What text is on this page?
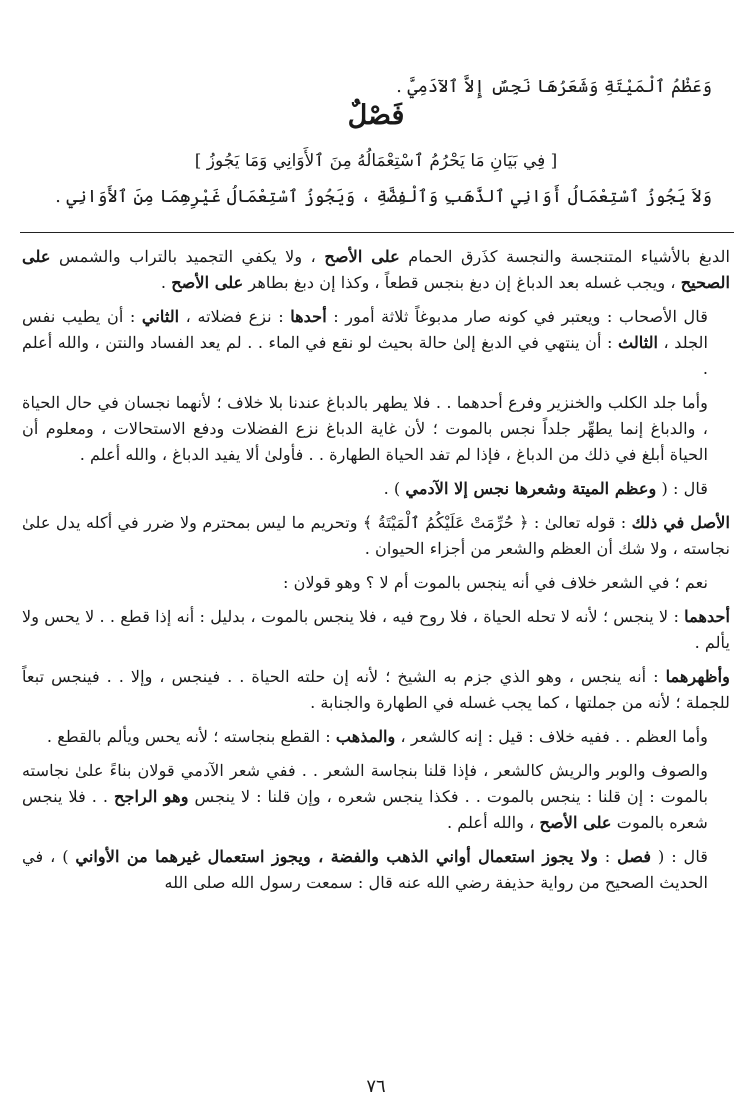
وَعَظْمُ ٱلْمَيْتَةِ وَشَعَرُهَا نَجِسٌ إِلاَّ ٱلآدَمِيَّ .

فَصْلٌ
[ فِي بَيَانِ مَا يَحْرُمُ ٱسْتِعْمَالُهُ مِنَ ٱلأَوَانِي وَمَا يَجُوزُ ]

وَلاَ يَجُوزُ ٱسْتِعْمَالُ أَوَانِي ٱلذَّهَبِ وَٱلْفِضَّةِ ، وَيَجُوزُ ٱسْتِعْمَالُ غَيْرِهِمَا مِنَ ٱلأَوَانِي .

الدبغ بالأشياء المتنجسة والنجسة كذَرق الحمام على الأصح ، ولا يكفي التجميد بالتراب والشمس على الصحيح ، ويجب غسله بعد الدباغ إن دبغ بنجس قطعاً ، وكذا إن دبغ بطاهر على الأصح .

قال الأصحاب : ويعتبر في كونه صار مدبوغاً ثلاثة أمور : أحدها : نزع فضلاته ، الثاني : أن يطيب نفس الجلد ، الثالث : أن ينتهي في الدبغ إلىٰ حالة بحيث لو نقع في الماء . . لم يعد الفساد والنتن ، والله أعلم .

وأما جلد الكلب والخنزير وفرع أحدهما . . فلا يطهر بالدباغ عندنا بلا خلاف ؛ لأنهما نجسان في حال الحياة ، والدباغ إنما يطهِّر جلداً نجس بالموت ؛ لأن غاية الدباغ نزع الفضلات ودفع الاستحالات ، ومعلوم أن الحياة أبلغ في ذلك من الدباغ ، فإذا لم تفد الحياة الطهارة . . فأولىٰ ألا يفيد الدباغ ، والله أعلم .

قال : ( وعظم الميتة وشعرها نجس إلا الآدمي ) .

الأصل في ذلك : قوله تعالىٰ : ﴿ حُرِّمَتْ عَلَيْكُمُ ٱلْمَيْتَةُ ﴾ وتحريم ما ليس بمحترم ولا ضرر في أكله يدل علىٰ نجاسته ، ولا شك أن العظم والشعر من أجزاء الحيوان .

نعم ؛ في الشعر خلاف في أنه ينجس بالموت أم لا ؟ وهو قولان :

أحدهما : لا ينجس ؛ لأنه لا تحله الحياة ، فلا روح فيه ، فلا ينجس بالموت ، بدليل : أنه إذا قطع . . لا يحس ولا يألم .

وأظهرهما : أنه ينجس ، وهو الذي جزم به الشيخ ؛ لأنه إن حلته الحياة . . فينجس ، وإلا . . فينجس تبعاً للجملة ؛ لأنه من جملتها ، كما يجب غسله في الطهارة والجنابة .

وأما العظم . . ففيه خلاف : قيل : إنه كالشعر ، والمذهب : القطع بنجاسته ؛ لأنه يحس ويألم بالقطع .

والصوف والوبر والريش كالشعر ، فإذا قلنا بنجاسة الشعر . . ففي شعر الآدمي قولان بناءً علىٰ نجاسته بالموت : إن قلنا : ينجس بالموت . . فكذا ينجس شعره ، وإن قلنا : لا ينجس وهو الراجح . . فلا ينجس شعره بالموت على الأصح ، والله أعلم .

قال : ( فصل : ولا يجوز استعمال أواني الذهب والفضة ، ويجوز استعمال غيرهما من الأواني ) ، في الحديث الصحيح من رواية حذيفة رضي الله عنه قال : سمعت رسول الله صلى الله

٧٦
